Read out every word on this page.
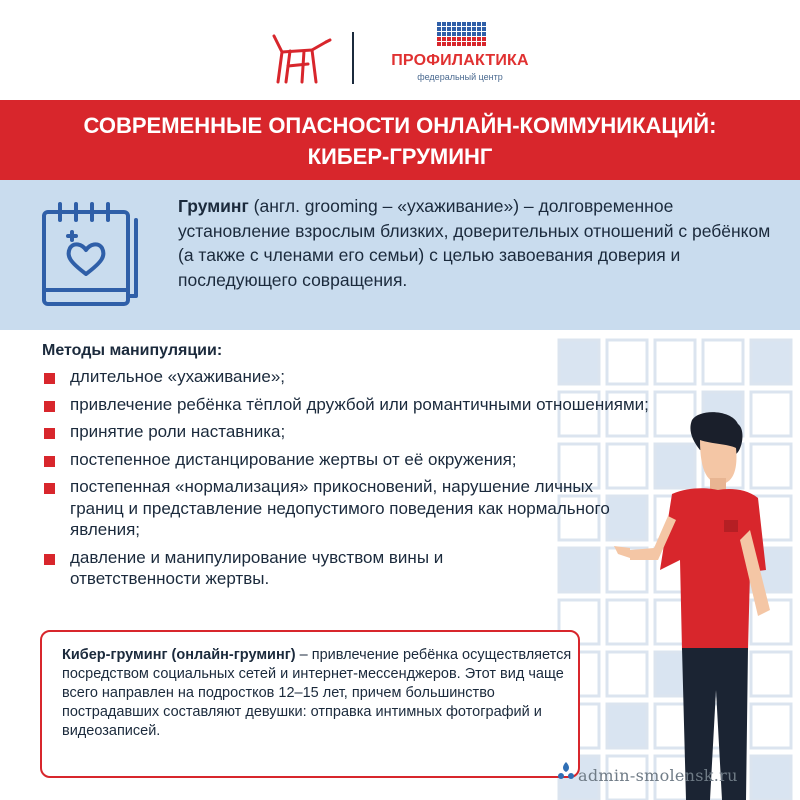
ПРОФИЛАКТИКА
федеральный центр
СОВРЕМЕННЫЕ ОПАСНОСТИ ОНЛАЙН-КОММУНИКАЦИЙ:
КИБЕР-ГРУМИНГ
Груминг (англ. grooming – «ухаживание») – долговременное установление взрослым близких, доверительных отношений с ребёнком (а также с членами его семьи) с целью завоевания доверия и последующего совращения.
Методы манипуляции:
длительное «ухаживание»;
привлечение ребёнка тёплой дружбой или романтичными отношениями;
принятие роли наставника;
постепенное дистанцирование жертвы от её окружения;
постепенная «нормализация» прикосновений, нарушение личных границ и представление недопустимого поведения как нормального явления;
давление и манипулирование чувством вины и ответственности жертвы.
Кибер-груминг (онлайн-груминг) – привлечение ребёнка осуществляется посредством социальных сетей и интернет-мессенджеров. Этот вид чаще всего направлен на подростков 12–15 лет, причем большинство пострадавших составляют девушки: отправка интимных фотографий и видеозаписей.
admin-smolensk.ru
